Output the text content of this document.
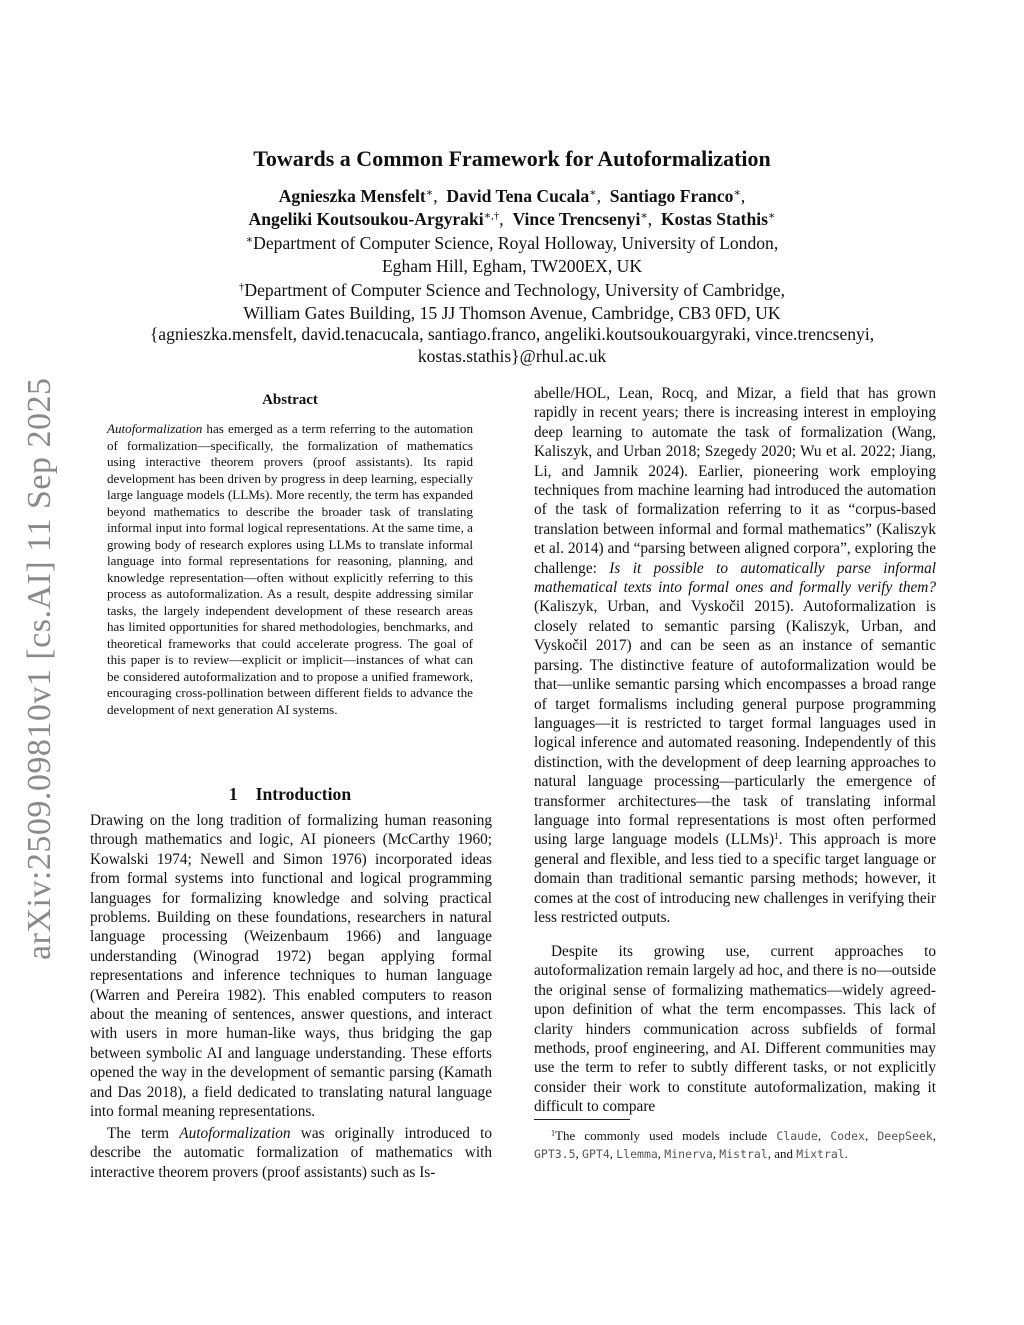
arXiv:2509.09810v1 [cs.AI] 11 Sep 2025
Towards a Common Framework for Autoformalization
Agnieszka Mensfelt∗, David Tena Cucala∗, Santiago Franco∗,
Angeliki Koutsoukou-Argyraki∗,†, Vince Trencsenyi∗, Kostas Stathis∗
∗Department of Computer Science, Royal Holloway, University of London,
Egham Hill, Egham, TW200EX, UK
†Department of Computer Science and Technology, University of Cambridge,
William Gates Building, 15 JJ Thomson Avenue, Cambridge, CB3 0FD, UK
{agnieszka.mensfelt, david.tenacucala, santiago.franco, angeliki.koutsoukouargyraki, vince.trencsenyi,
kostas.stathis}@rhul.ac.uk
Abstract

Autoformalization has emerged as a term referring to the automation of formalization—specifically, the formalization of mathematics using interactive theorem provers (proof assistants). Its rapid development has been driven by progress in deep learning, especially large language models (LLMs). More recently, the term has expanded beyond mathematics to describe the broader task of translating informal input into formal logical representations. At the same time, a growing body of research explores using LLMs to translate informal language into formal representations for reasoning, planning, and knowledge representation—often without explicitly referring to this process as autoformalization. As a result, despite addressing similar tasks, the largely independent development of these research areas has limited opportunities for shared methodologies, benchmarks, and theoretical frameworks that could accelerate progress. The goal of this paper is to review—explicit or implicit—instances of what can be considered autoformalization and to propose a unified framework, encouraging cross-pollination between different fields to advance the development of next generation AI systems.

1 Introduction

Drawing on the long tradition of formalizing human reasoning through mathematics and logic, AI pioneers (McCarthy 1960; Kowalski 1974; Newell and Simon 1976) incorporated ideas from formal systems into functional and logical programming languages for formalizing knowledge and solving practical problems. Building on these foundations, researchers in natural language processing (Weizenbaum 1966) and language understanding (Winograd 1972) began applying formal representations and inference techniques to human language (Warren and Pereira 1982). This enabled computers to reason about the meaning of sentences, answer questions, and interact with users in more human-like ways, thus bridging the gap between symbolic AI and language understanding. These efforts opened the way in the development of semantic parsing (Kamath and Das 2018), a field dedicated to translating natural language into formal meaning representations.

The term Autoformalization was originally introduced to describe the automatic formalization of mathematics with interactive theorem provers (proof assistants) such as Is-

abelle/HOL, Lean, Rocq, and Mizar, a field that has grown rapidly in recent years; there is increasing interest in employing deep learning to automate the task of formalization (Wang, Kaliszyk, and Urban 2018; Szegedy 2020; Wu et al. 2022; Jiang, Li, and Jamnik 2024). Earlier, pioneering work employing techniques from machine learning had introduced the automation of the task of formalization referring to it as “corpus-based translation between informal and formal mathematics” (Kaliszyk et al. 2014) and “parsing between aligned corpora”, exploring the challenge: Is it possible to automatically parse informal mathematical texts into formal ones and formally verify them? (Kaliszyk, Urban, and Vyskočil 2015). Autoformalization is closely related to semantic parsing (Kaliszyk, Urban, and Vyskočil 2017) and can be seen as an instance of semantic parsing. The distinctive feature of autoformalization would be that—unlike semantic parsing which encompasses a broad range of target formalisms including general purpose programming languages—it is restricted to target formal languages used in logical inference and automated reasoning. Independently of this distinction, with the development of deep learning approaches to natural language processing—particularly the emergence of transformer architectures—the task of translating informal language into formal representations is most often performed using large language models (LLMs)$^1$. This approach is more general and flexible, and less tied to a specific target language or domain than traditional semantic parsing methods; however, it comes at the cost of introducing new challenges in verifying their less restricted outputs.

Despite its growing use, current approaches to autoformalization remain largely ad hoc, and there is no—outside the original sense of formalizing mathematics—widely agreed-upon definition of what the term encompasses. This lack of clarity hinders communication across subfields of formal methods, proof engineering, and AI. Different communities may use the term to refer to subtly different tasks, or not explicitly consider their work to constitute autoformalization, making it difficult to compare

$^1$The commonly used models include Claude, Codex, DeepSeek, GPT3.5, GPT4, Llemma, Minerva, Mistral, and Mixtral.
